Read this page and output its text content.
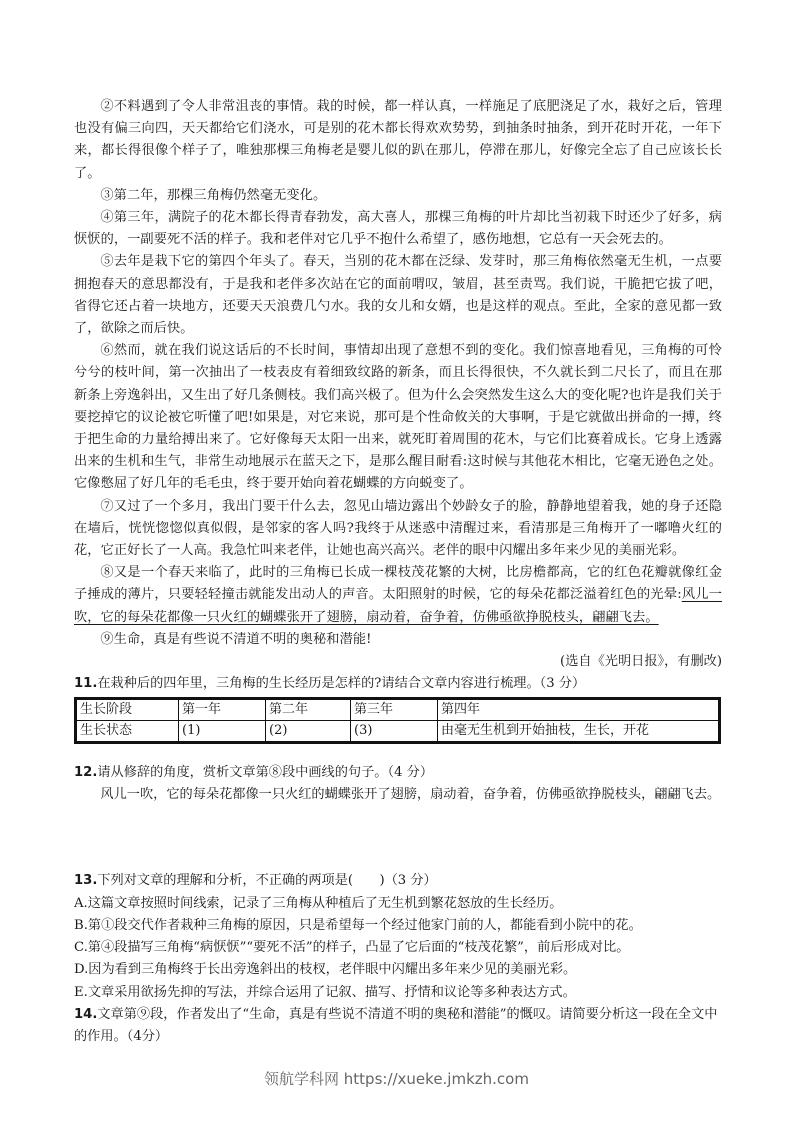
②不料遇到了令人非常沮丧的事情。栽的时候，都一样认真，一样施足了底肥浇足了水，栽好之后，管理也没有偏三向四，天天都给它们浇水，可是别的花木都长得欢欢势势，到抽条时抽条，到开花时开花，一年下来，都长得很像个样子了，唯独那棵三角梅老是婴儿似的趴在那儿，停滞在那儿，好像完全忘了自己应该长长了。

③第二年，那棵三角梅仍然毫无变化。

④第三年，满院子的花木都长得青春勃发，高大喜人，那棵三角梅的叶片却比当初栽下时还少了好多，病恹恹的，一副要死不活的样子。我和老伴对它几乎不抱什么希望了，感伤地想，它总有一天会死去的。

⑤去年是栽下它的第四个年头了。春天，当别的花木都在泛绿、发芽时，那三角梅依然毫无生机，一点要拥抱春天的意思都没有，于是我和老伴多次站在它的面前喟叹，皱眉，甚至责骂。我们说，干脆把它拔了吧，省得它还占着一块地方，还要天天浪费几勺水。我的女儿和女婿，也是这样的观点。至此，全家的意见都一致了，欲除之而后快。

⑥然而，就在我们说这话后的不长时间，事情却出现了意想不到的变化。我们惊喜地看见，三角梅的可怜兮兮的枝叶间，第一次抽出了一枝表皮有着细致纹路的新条，而且长得很快，不久就长到二尺长了，而且在那新条上旁逸斜出，又生出了好几条侧枝。我们高兴极了。但为什么会突然发生这么大的变化呢?也许是我们关于要挖掉它的议论被它听懂了吧!如果是，对它来说，那可是个性命攸关的大事啊，于是它就做出拼命的一搏，终于把生命的力量给搏出来了。它好像每天太阳一出来，就死盯着周围的花木，与它们比赛着成长。它身上透露出来的生机和生气，非常生动地展示在蓝天之下，是那么醒目耐看:这时候与其他花木相比，它毫无逊色之处。它像憋屈了好几年的毛毛虫，终于要开始向着花蝴蝶的方向蜕变了。

⑦又过了一个多月，我出门要干什么去，忽见山墙边露出个妙龄女子的脸，静静地望着我，她的身子还隐在墙后，恍恍惚惚似真似假，是邻家的客人吗?我终于从迷惑中清醒过来，看清那是三角梅开了一嘟噜火红的花，它正好长了一人高。我急忙叫来老伴，让她也高兴高兴。老伴的眼中闪耀出多年来少见的美丽光彩。

⑧又是一个春天来临了，此时的三角梅已长成一棵枝茂花繁的大树，比房檐都高，它的红色花瓣就像红金子捶成的薄片，只要轻轻撞击就能发出动人的声音。太阳照射的时候，它的每朵花都泛溢着红色的光晕:风儿一吹，它的每朵花都像一只火红的蝴蝶张开了翅膀，扇动着，奋争着，仿佛亟欲挣脱枝头，翩翩飞去。

⑨生命，真是有些说不清道不明的奥秘和潜能!

(选自《光明日报》，有删改)

11.在栽种后的四年里，三角梅的生长经历是怎样的?请结合文章内容进行梳理。（3 分）

生长阶段	第一年	第二年	第三年	第四年
生长状态	(1)	(2)	(3)	由毫无生机到开始抽枝，生长，开花

12.请从修辞的角度，赏析文章第⑧段中画线的句子。（4 分）

风儿一吹，它的每朵花都像一只火红的蝴蝶张开了翅膀，扇动着，奋争着，仿佛亟欲挣脱枝头，翩翩飞去。

13.下列对文章的理解和分析，不正确的两项是(　　)（3 分）

A.这篇文章按照时间线索，记录了三角梅从种植后了无生机到繁花怒放的生长经历。

B.第①段交代作者栽种三角梅的原因，只是希望每一个经过他家门前的人，都能看到小院中的花。

C.第④段描写三角梅“病恹恹”“要死不活”的样子，凸显了它后面的“枝茂花繁”，前后形成对比。

D.因为看到三角梅终于长出旁逸斜出的枝杈，老伴眼中闪耀出多年来少见的美丽光彩。

E.文章采用欲扬先抑的写法，并综合运用了记叙、描写、抒情和议论等多种表达方式。

14.文章第⑨段，作者发出了“生命，真是有些说不清道不明的奥秘和潜能”的慨叹。请简要分析这一段在全文中的作用。（4分）

领航学科网 https://xueke.jmkzh.com
